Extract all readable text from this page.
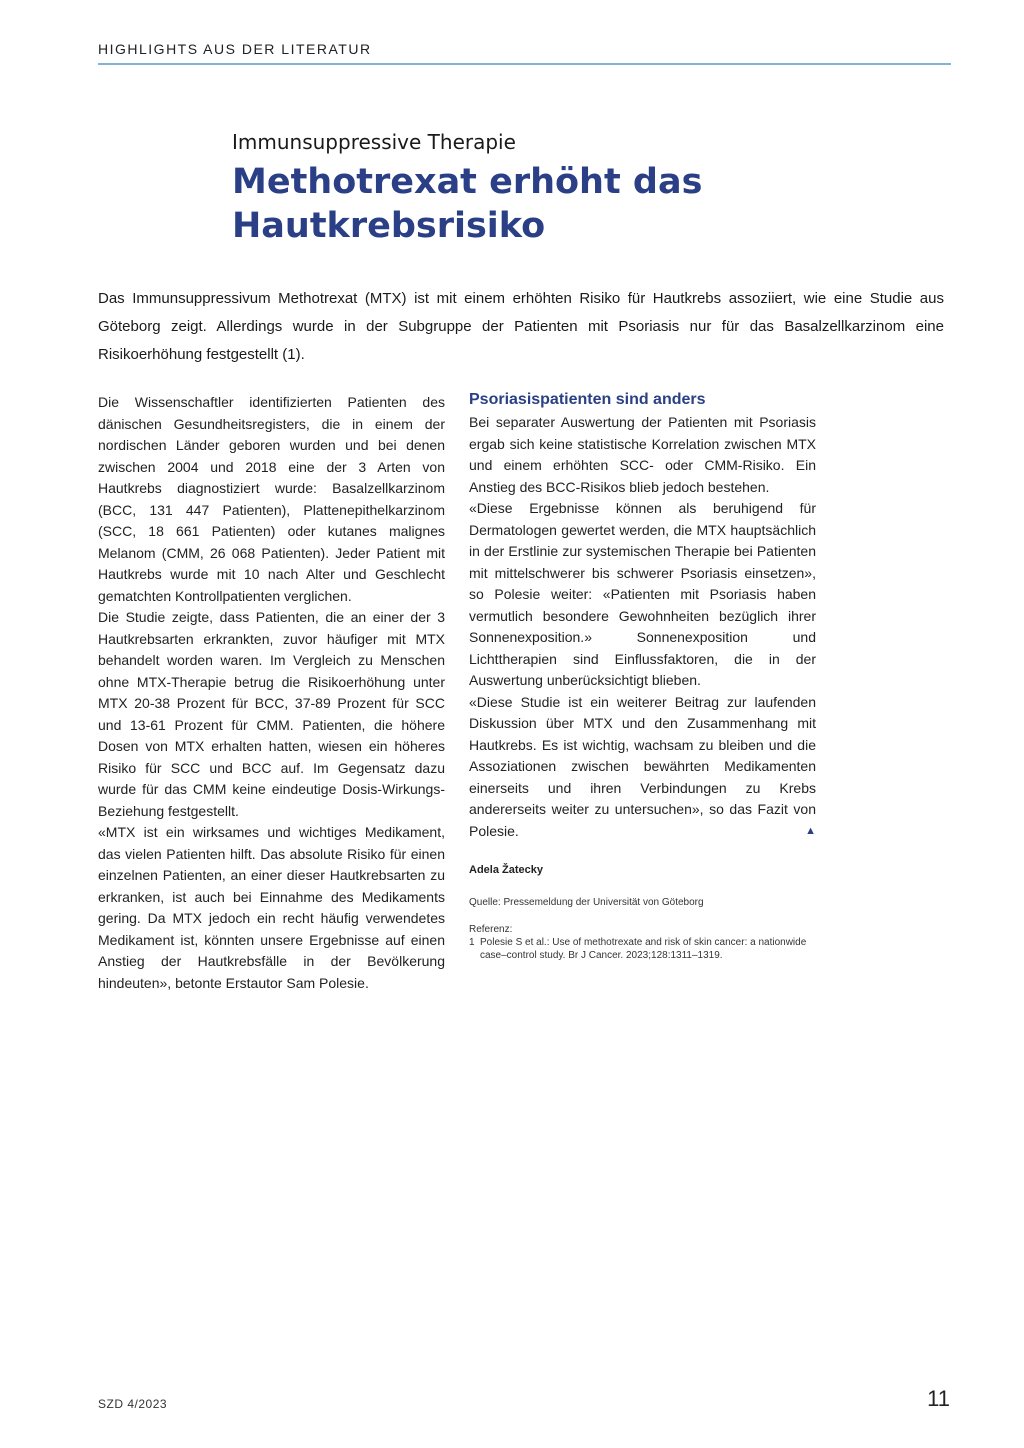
HIGHLIGHTS AUS DER LITERATUR
Immunsuppressive Therapie
Methotrexat erhöht das Hautkrebsrisiko
Das Immunsuppressivum Methotrexat (MTX) ist mit einem erhöhten Risiko für Hautkrebs assoziiert, wie eine Studie aus Göteborg zeigt. Allerdings wurde in der Subgruppe der Patienten mit Psoriasis nur für das Basalzellkarzinom eine Risikoerhöhung festgestellt (1).

Die Wissenschaftler identifizierten Patienten des dänischen Gesundheitsregisters, die in einem der nordischen Länder geboren wurden und bei denen zwischen 2004 und 2018 eine der 3 Arten von Hautkrebs diagnostiziert wurde: Basalzellkarzinom (BCC, 131 447 Patienten), Plattenepithelkarzinom (SCC, 18 661 Patienten) oder kutanes malignes Melanom (CMM, 26 068 Patienten). Jeder Patient mit Hautkrebs wurde mit 10 nach Alter und Geschlecht gematchten Kontrollpatienten verglichen.

Die Studie zeigte, dass Patienten, die an einer der 3 Hautkrebsarten erkrankten, zuvor häufiger mit MTX behandelt worden waren. Im Vergleich zu Menschen ohne MTX-Therapie betrug die Risikoerhöhung unter MTX 20-38 Prozent für BCC, 37-89 Prozent für SCC und 13-61 Prozent für CMM. Patienten, die höhere Dosen von MTX erhalten hatten, wiesen ein höheres Risiko für SCC und BCC auf. Im Gegensatz dazu wurde für das CMM keine eindeutige Dosis-Wirkungs-Beziehung festgestellt.

«MTX ist ein wirksames und wichtiges Medikament, das vielen Patienten hilft. Das absolute Risiko für einen einzelnen Patienten, an einer dieser Hautkrebsarten zu erkranken, ist auch bei Einnahme des Medikaments gering. Da MTX jedoch ein recht häufig verwendetes Medikament ist, könnten unsere Ergebnisse auf einen Anstieg der Hautkrebsfälle in der Bevölkerung hindeuten», betonte Erstautor Sam Polesie.

Psoriasispatienten sind anders

Bei separater Auswertung der Patienten mit Psoriasis ergab sich keine statistische Korrelation zwischen MTX und einem erhöhten SCC- oder CMM-Risiko. Ein Anstieg des BCC-Risikos blieb jedoch bestehen.

«Diese Ergebnisse können als beruhigend für Dermatologen gewertet werden, die MTX hauptsächlich in der Erstlinie zur systemischen Therapie bei Patienten mit mittelschwerer bis schwerer Psoriasis einsetzen», so Polesie weiter: «Patienten mit Psoriasis haben vermutlich besondere Gewohnheiten bezüglich ihrer Sonnenexposition.» Sonnenexposition und Lichttherapien sind Einflussfaktoren, die in der Auswertung unberücksichtigt blieben.

«Diese Studie ist ein weiterer Beitrag zur laufenden Diskussion über MTX und den Zusammenhang mit Hautkrebs. Es ist wichtig, wachsam zu bleiben und die Assoziationen zwischen bewährten Medikamenten einerseits und ihren Verbindungen zu Krebs andererseits weiter zu untersuchen», so das Fazit von Polesie.	▲
Adela Žatecky
Quelle: Pressemeldung der Universität von Göteborg
Referenz:
1 Polesie S et al.: Use of methotrexate and risk of skin cancer: a nationwide case–control study. Br J Cancer. 2023;128:1311–1319.
SZD 4/2023	11
